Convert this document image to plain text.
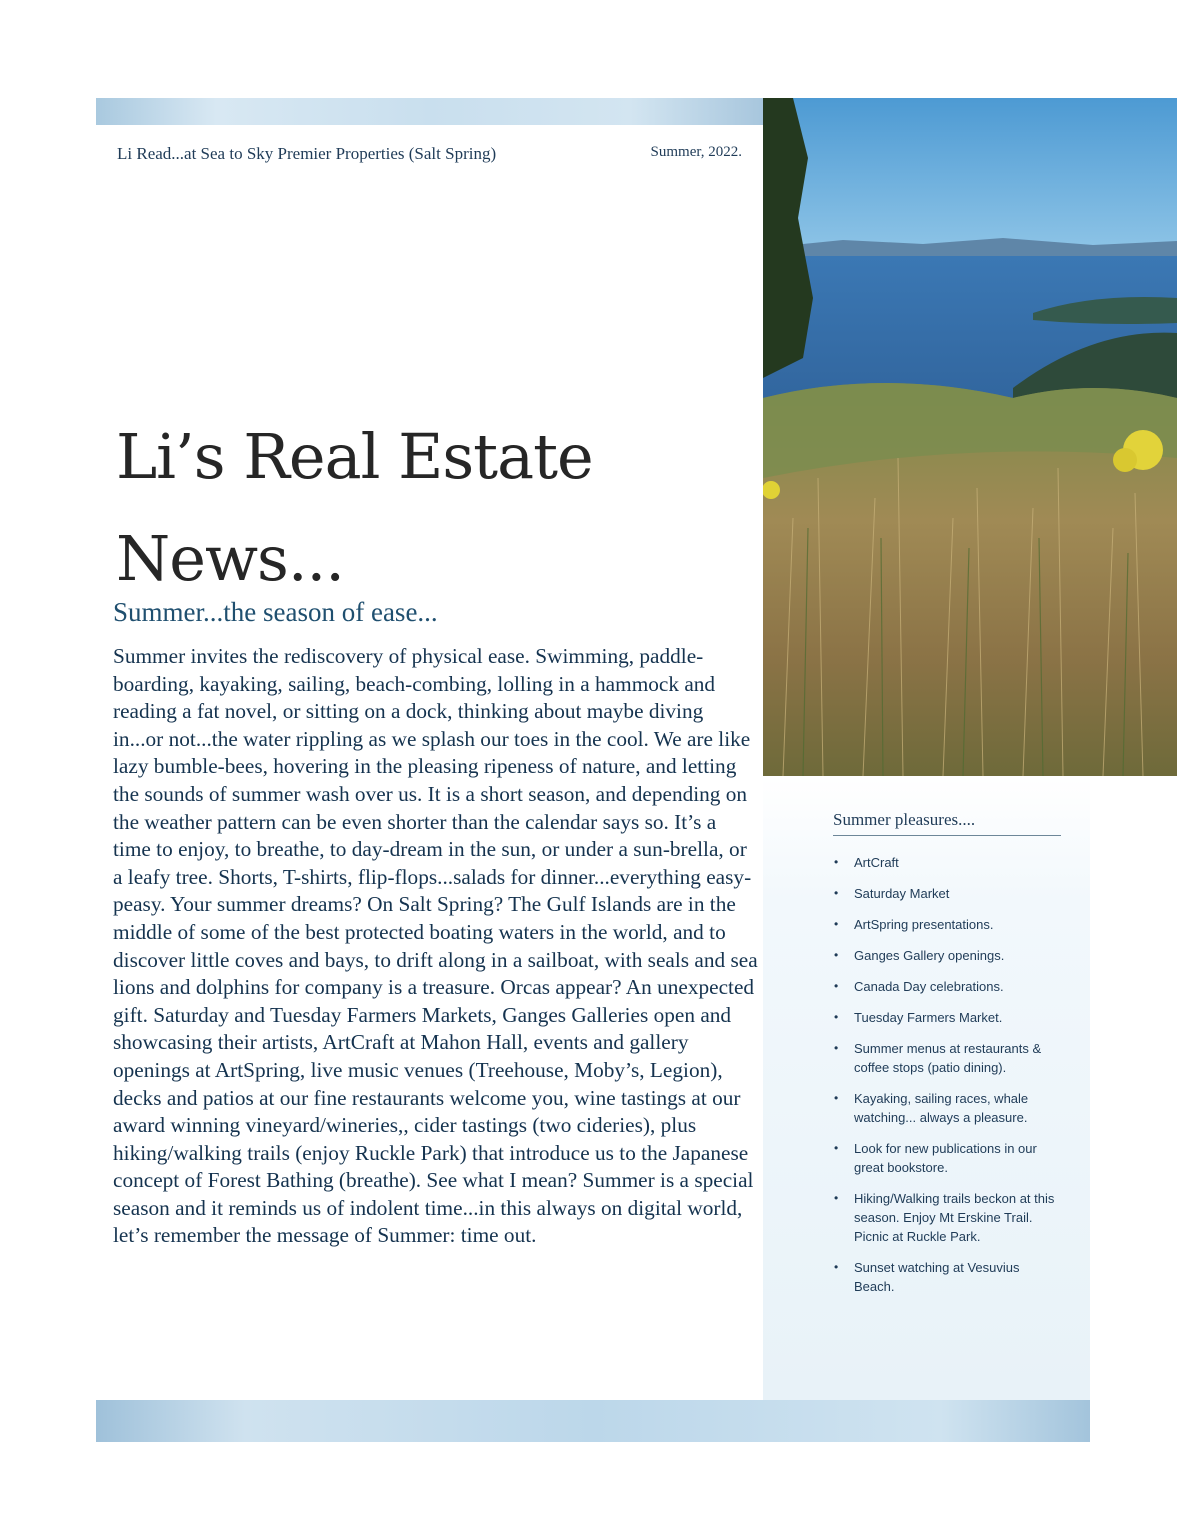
Li Read...at Sea to Sky Premier Properties (Salt Spring)	Summer, 2022.
Li’s Real Estate
News...
Summer...the season of ease...

Summer invites the rediscovery of physical ease. Swimming, paddle-boarding, kayaking, sailing, beach-combing, lolling in a hammock and reading a fat novel, or sitting on a dock, thinking about maybe diving in...or not...the water rippling as we splash our toes in the cool. We are like lazy bumble-bees, hovering in the pleasing ripeness of nature, and letting the sounds of summer wash over us. It is a short season, and depending on the weather pattern can be even shorter than the calendar says so. It’s a time to enjoy, to breathe, to day-dream in the sun, or under a sun-brella, or a leafy tree. Shorts, T-shirts, flip-flops...salads for dinner...everything easy-peasy. Your summer dreams? On Salt Spring? The Gulf Islands are in the middle of some of the best protected boating waters in the world, and to discover little coves and bays, to drift along in a sailboat, with seals and sea lions and dolphins for company is a treasure. Orcas appear? An unexpected gift. Saturday and Tuesday Farmers Markets, Ganges Galleries open and showcasing their artists, ArtCraft at Mahon Hall, events and gallery openings at ArtSpring, live music venues (Treehouse, Moby’s, Legion), decks and patios at our fine restaurants welcome you, wine tastings at our award winning vineyard/wineries,, cider tastings (two cideries), plus hiking/walking trails (enjoy Ruckle Park) that introduce us to the Japanese concept of Forest Bathing (breathe). See what I mean? Summer is a special season and it reminds us of indolent time...in this always on digital world, let’s remember the message of Summer: time out.

Summer pleasures....
• ArtCraft
• Saturday Market
• ArtSpring presentations.
• Ganges Gallery openings.
• Canada Day celebrations.
• Tuesday Farmers Market.
• Summer menus at restaurants & coffee stops (patio dining).
• Kayaking, sailing races, whale watching... always a pleasure.
• Look for new publications in our great bookstore.
• Hiking/Walking trails beckon at this season. Enjoy Mt Erskine Trail. Picnic at Ruckle Park.
• Sunset watching at Vesuvius Beach.
